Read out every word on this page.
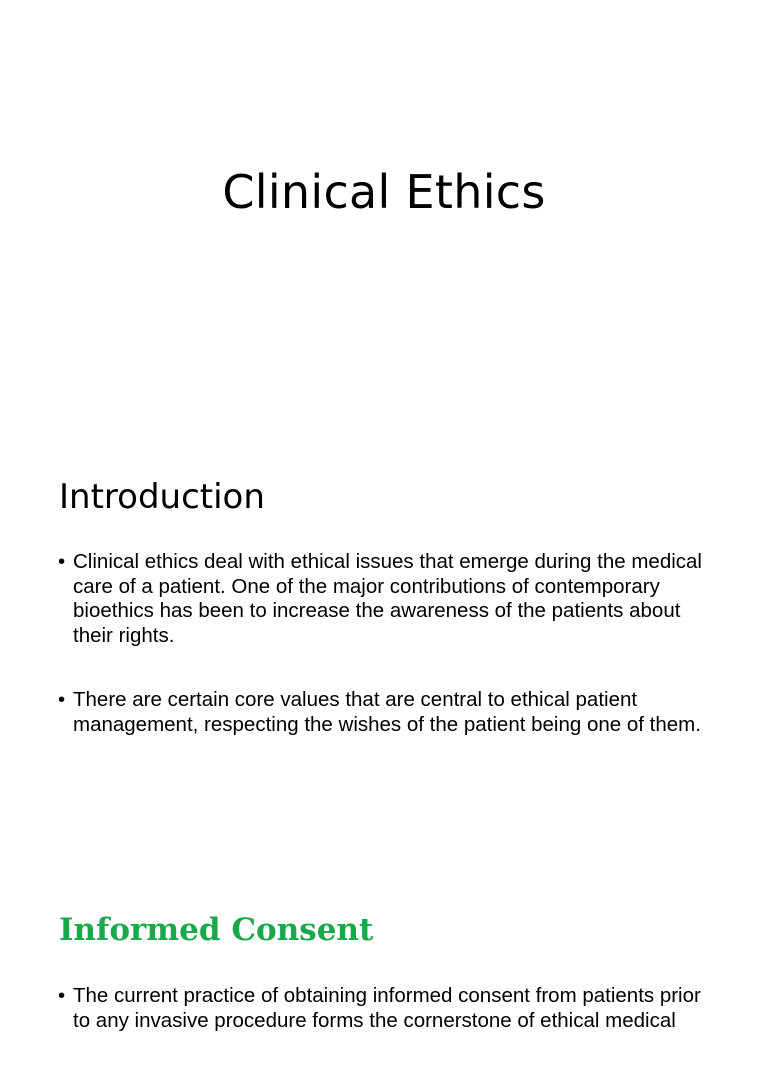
Clinical Ethics
Introduction
• Clinical ethics deal with ethical issues that emerge during the medical care of a patient. One of the major contributions of contemporary bioethics has been to increase the awareness of the patients about their rights.
• There are certain core values that are central to ethical patient management, respecting the wishes of the patient being one of them.
Informed Consent
• The current practice of obtaining informed consent from patients prior to any invasive procedure forms the cornerstone of ethical medical
